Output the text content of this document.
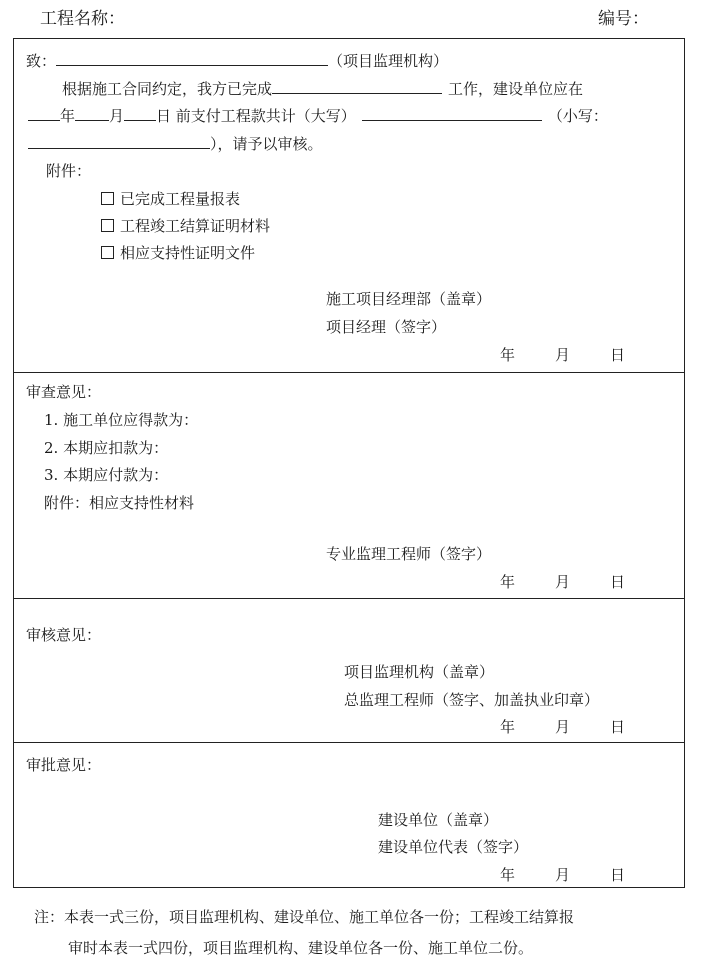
工程名称：	编号：
致：	（项目监理机构）
根据施工合同约定，我方已完成	工作，建设单位应在
年 月 日 前支付工程款共计（大写）	（小写：
），请予以审核。
附件：
已完成工程量报表
工程竣工结算证明材料
相应支持性证明文件
施工项目经理部（盖章）
项目经理（签字）
年	月	日
审查意见：
1. 施工单位应得款为：
2. 本期应扣款为：
3. 本期应付款为：
附件：相应支持性材料
专业监理工程师（签字）
年	月	日
审核意见：
项目监理机构（盖章）
总监理工程师（签字、加盖执业印章）
年	月	日
审批意见：
建设单位（盖章）
建设单位代表（签字）
年	月	日
注：本表一式三份，项目监理机构、建设单位、施工单位各一份；工程竣工结算报
审时本表一式四份，项目监理机构、建设单位各一份、施工单位二份。
